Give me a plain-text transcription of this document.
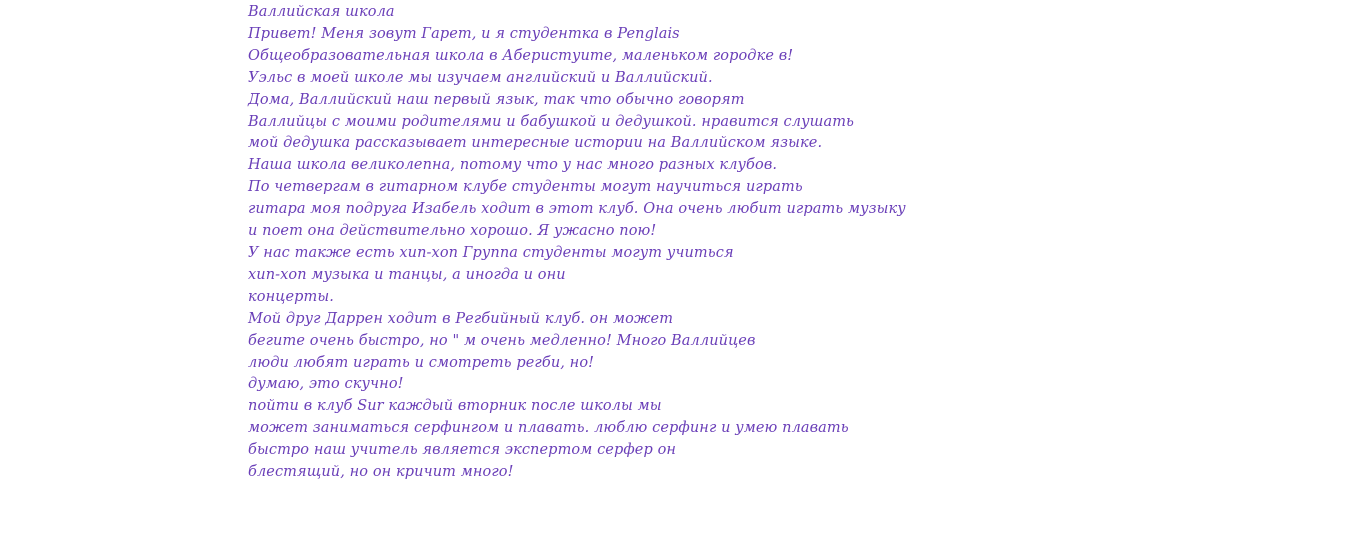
Валлийская школа
Привет! Меня зовут Гарет, и я студентка в Penglais
Общеобразовательная школа в Аберистуите, маленьком городке в!
Уэльс в моей школе мы изучаем английский и Валлийский.
Дома, Валлийский наш первый язык, так что обычно говорят
Валлийцы с моими родителями и бабушкой и дедушкой. нравится слушать
мой дедушка рассказывает интересные истории на Валлийском языке.
Наша школа великолепна, потому что у нас много разных клубов.
По четвергам в гитарном клубе студенты могут научиться играть
гитара моя подруга Изабель ходит в этот клуб. Она очень любит играть музыку
и поет она действительно хорошо. Я ужасно пою!
У нас также есть хип-хоп Группа студенты могут учиться
хип-хоп музыка и танцы, а иногда и они
концерты.
Мой друг Даррен ходит в Регбийный клуб. он может
бегите очень быстро, но " м очень медленно! Много Валлийцев
люди любят играть и смотреть регби, но!
думаю, это скучно!
пойти в клуб Sur каждый вторник после школы мы
может заниматься серфингом и плавать. люблю серфинг и умею плавать
быстро наш учитель является экспертом серфер он
блестящий, но он кричит много!
